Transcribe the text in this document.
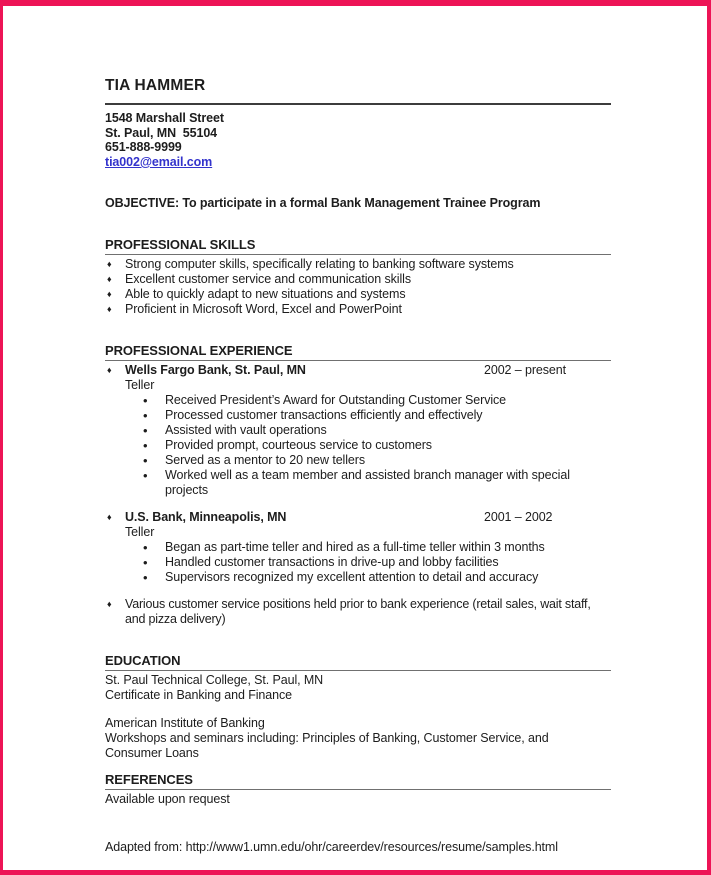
TIA HAMMER
1548 Marshall Street
St. Paul, MN  55104
651-888-9999
tia002@email.com
OBJECTIVE: To participate in a formal Bank Management Trainee Program
PROFESSIONAL SKILLS
♦	Strong computer skills, specifically relating to banking software systems
♦	Excellent customer service and communication skills
♦	Able to quickly adapt to new situations and systems
♦	Proficient in Microsoft Word, Excel and PowerPoint
PROFESSIONAL EXPERIENCE
♦	Wells Fargo Bank, St. Paul, MN	2002 – present
Teller
•	Received President’s Award for Outstanding Customer Service
•	Processed customer transactions efficiently and effectively
•	Assisted with vault operations
•	Provided prompt, courteous service to customers
•	Served as a mentor to 20 new tellers
•	Worked well as a team member and assisted branch manager with special projects
♦	U.S. Bank, Minneapolis, MN	2001 – 2002
Teller
•	Began as part-time teller and hired as a full-time teller within 3 months
•	Handled customer transactions in drive-up and lobby facilities
•	Supervisors recognized my excellent attention to detail and accuracy
♦	Various customer service positions held prior to bank experience (retail sales, wait staff, and pizza delivery)
EDUCATION
St. Paul Technical College, St. Paul, MN
Certificate in Banking and Finance
American Institute of Banking
Workshops and seminars including: Principles of Banking, Customer Service, and Consumer Loans
REFERENCES
Available upon request
Adapted from: http://www1.umn.edu/ohr/careerdev/resources/resume/samples.html
